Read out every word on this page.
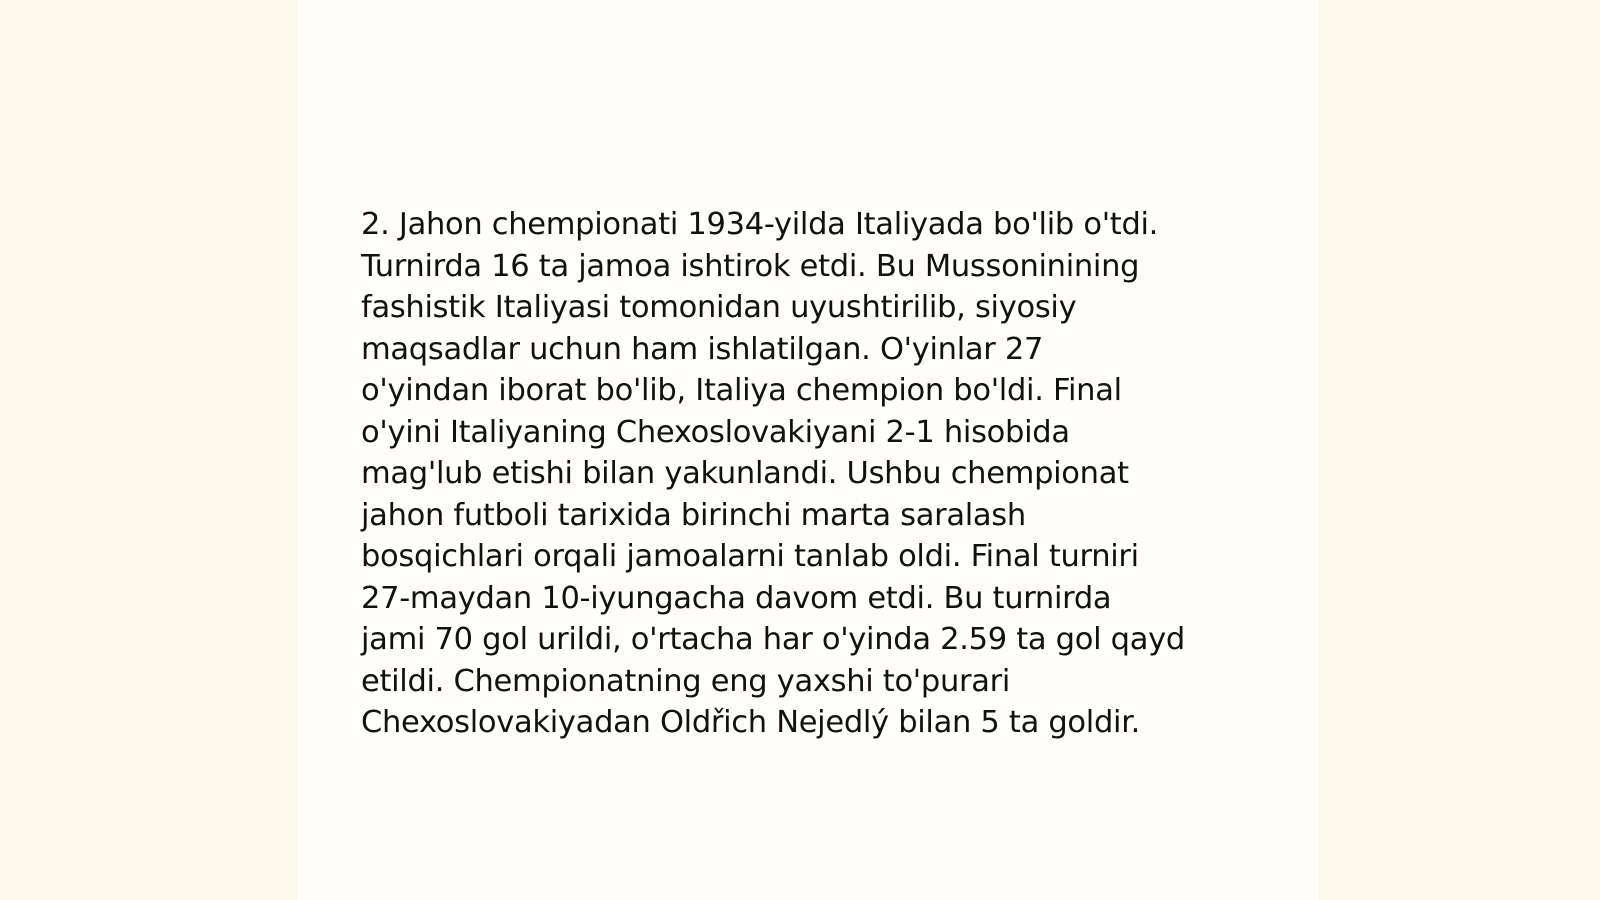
2. Jahon chempionati 1934-yilda Italiyada bo'lib o'tdi.
Turnirda 16 ta jamoa ishtirok etdi. Bu Mussoninining
fashistik Italiyasi tomonidan uyushtirilib, siyosiy
maqsadlar uchun ham ishlatilgan. O'yinlar 27
o'yindan iborat bo'lib, Italiya chempion bo'ldi. Final
o'yini Italiyaning Chexoslovakiyani 2-1 hisobida
mag'lub etishi bilan yakunlandi. Ushbu chempionat
jahon futboli tarixida birinchi marta saralash
bosqichlari orqali jamoalarni tanlab oldi. Final turniri
27-maydan 10-iyungacha davom etdi. Bu turnirda
jami 70 gol urildi, o'rtacha har o'yinda 2.59 ta gol qayd
etildi. Chempionatning eng yaxshi to'purari
Chexoslovakiyadan Oldřich Nejedlý bilan 5 ta goldir.
